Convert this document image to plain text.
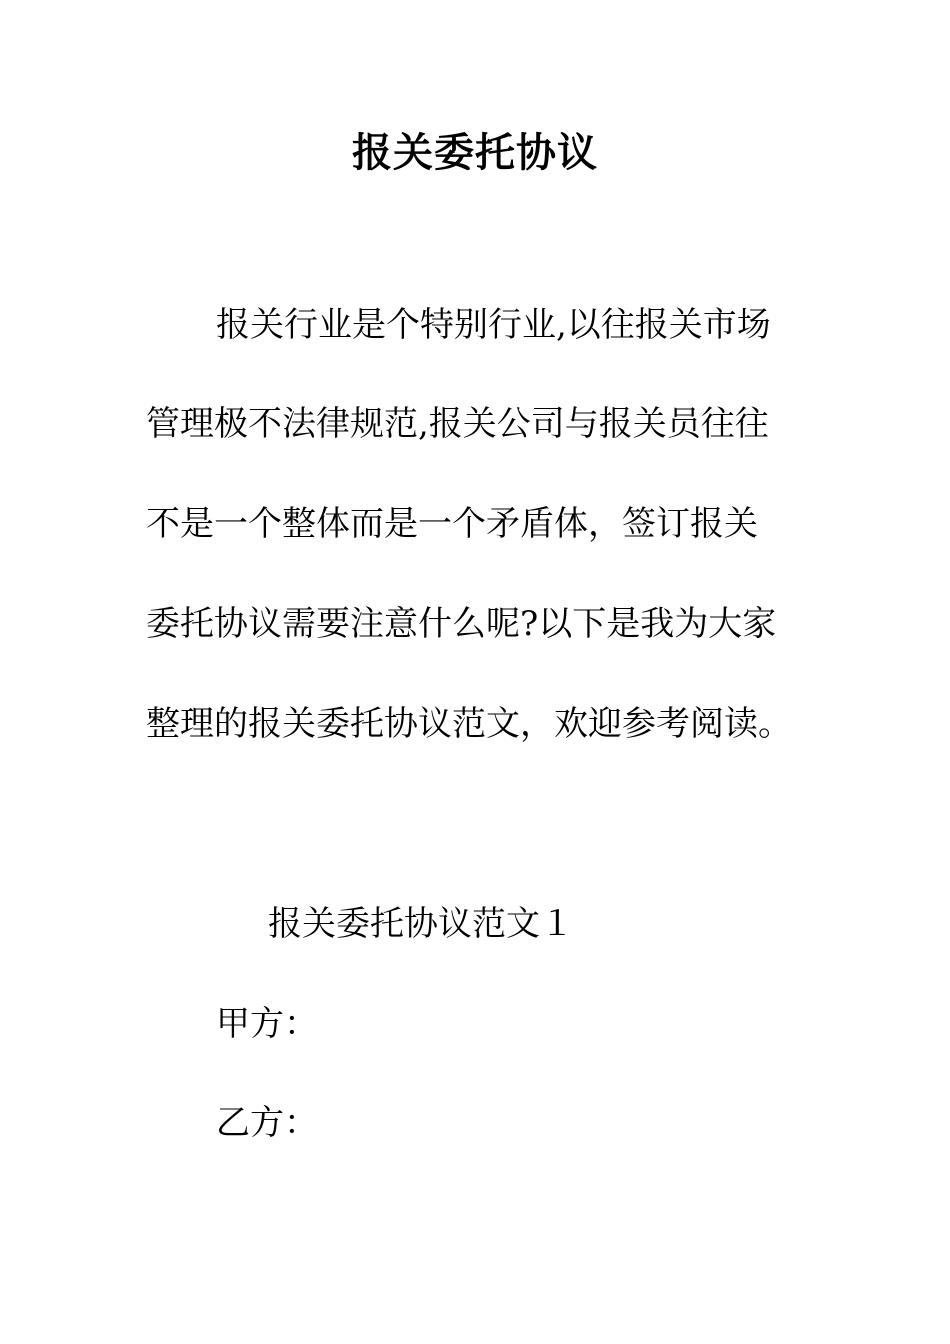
报关委托协议
报关行业是个特别行业,以往报关市场
管理极不法律规范,报关公司与报关员往往
不是一个整体而是一个矛盾体，签订报关
委托协议需要注意什么呢?以下是我为大家
整理的报关委托协议范文，欢迎参考阅读。
报关委托协议范文１
甲方：
乙方：
